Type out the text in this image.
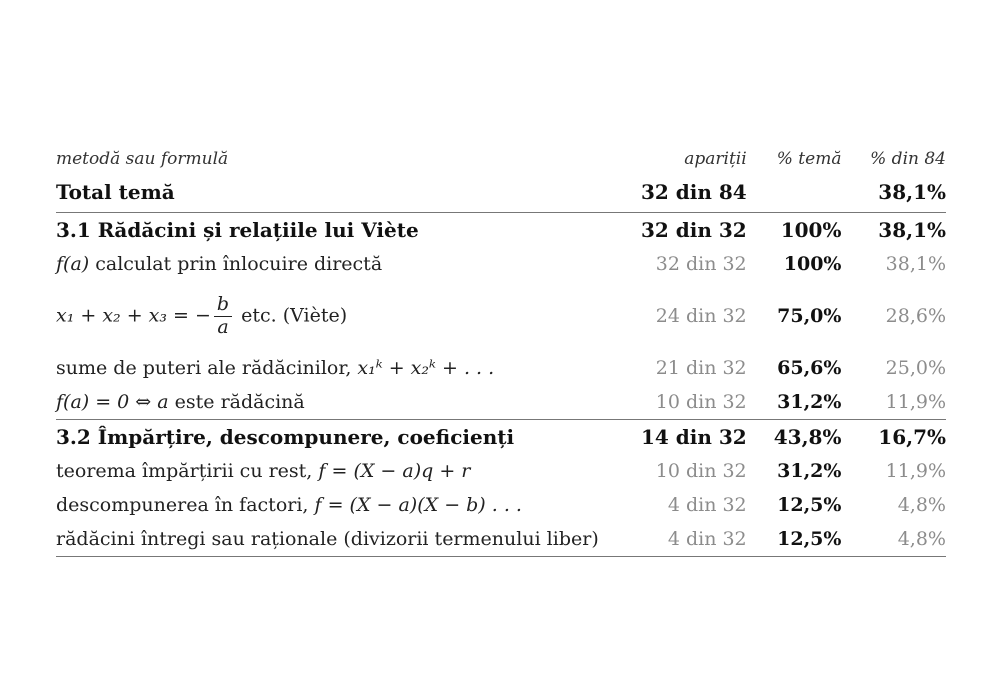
metodă sau formulă	apariții	% temă	% din 84
Total temă	32 din 84		38,1%
3.1 Rădăcini și relațiile lui Viète	32 din 32	100%	38,1%
f(a) calculat prin înlocuire directă	32 din 32	100%	38,1%
x₁ + x₂ + x₃ = − $\frac{b}{a}$ etc. (Viète)	24 din 32	75,0%	28,6%
sume de puteri ale rădăcinilor, x₁ᵏ + x₂ᵏ + . . .	21 din 32	65,6%	25,0%
f(a) = 0 ⇔ a este rădăcină	10 din 32	31,2%	11,9%
3.2 Împărțire, descompunere, coeficienți	14 din 32	43,8%	16,7%
teorema împărțirii cu rest, f = (X − a)q + r	10 din 32	31,2%	11,9%
descompunerea în factori, f = (X − a)(X − b) . . .	4 din 32	12,5%	4,8%
rădăcini întregi sau raționale (divizorii termenului liber)	4 din 32	12,5%	4,8%
